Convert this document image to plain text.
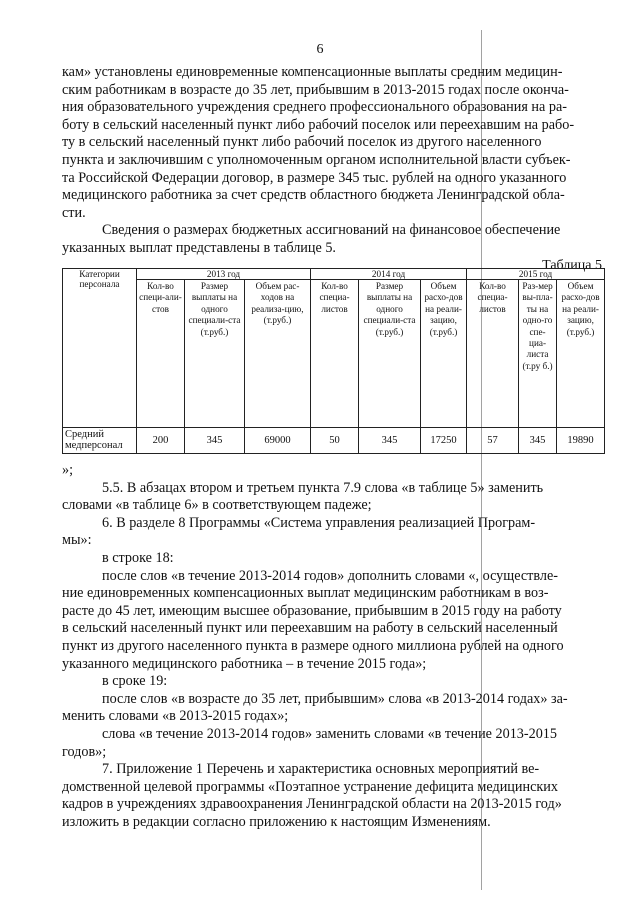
6
кам» установлены единовременные компенсационные выплаты средним медицин-
ским работникам в возрасте до 35 лет, прибывшим в 2013-2015 годах после оконча-
ния образовательного учреждения среднего профессионального образования на ра-
боту в сельский населенный пункт либо рабочий поселок или переехавшим на рабо-
ту в сельский населенный пункт либо рабочий поселок из другого населенного
пункта и заключившим с уполномоченным органом исполнительной власти субъек-
та Российской Федерации договор, в размере 345 тыс. рублей на одного указанного
медицинского работника за счет средств областного бюджета Ленинградской обла-
сти.
Сведения о размерах бюджетных ассигнований на финансовое обеспечение
указанных выплат представлены в таблице 5.
Таблица 5
Категории персонала	2013 год			2014 год			2015 год		
	Кол-во специ-али-стов	Размер выплаты на одного специали-ста (т.руб.)	Объем рас-ходов на реализа-цию, (т.руб.)	Кол-во специа-листов	Размер выплаты на одного специали-ста (т.руб.)	Объем расхо-дов на реали-зацию, (т.руб.)	Кол-во специа-листов	Раз-мер вы-пла-ты на одно-го спе-циа-листа (т.ру б.)	Объем расхо-дов на реали-зацию, (т.руб.)
Средний медперсонал	200	345	69000	50	345	17250	57	345	19890
»;
5.5. В абзацах втором и третьем пункта 7.9 слова «в таблице 5» заменить
словами «в таблице 6» в соответствующем падеже;
6. В разделе 8 Программы «Система управления реализацией Програм-
мы»:
в строке 18:
после слов «в течение 2013-2014 годов» дополнить словами «, осуществле-
ние единовременных компенсационных выплат медицинским работникам в воз-
расте до 45 лет, имеющим высшее образование, прибывшим в 2015 году на работу
в сельский населенный пункт или переехавшим на работу в сельский населенный
пункт из другого населенного пункта в размере одного миллиона рублей на одного
указанного медицинского работника – в течение 2015 года»;
в сроке 19:
после слов «в возрасте до 35 лет, прибывшим» слова «в 2013-2014 годах» за-
менить словами «в 2013-2015 годах»;
слова «в течение 2013-2014 годов» заменить словами «в течение 2013-2015
годов»;
7. Приложение 1 Перечень и характеристика основных мероприятий ве-
домственной целевой программы «Поэтапное устранение дефицита медицинских
кадров в учреждениях здравоохранения Ленинградской области на 2013-2015 год»
изложить в редакции согласно приложению к настоящим Изменениям.
